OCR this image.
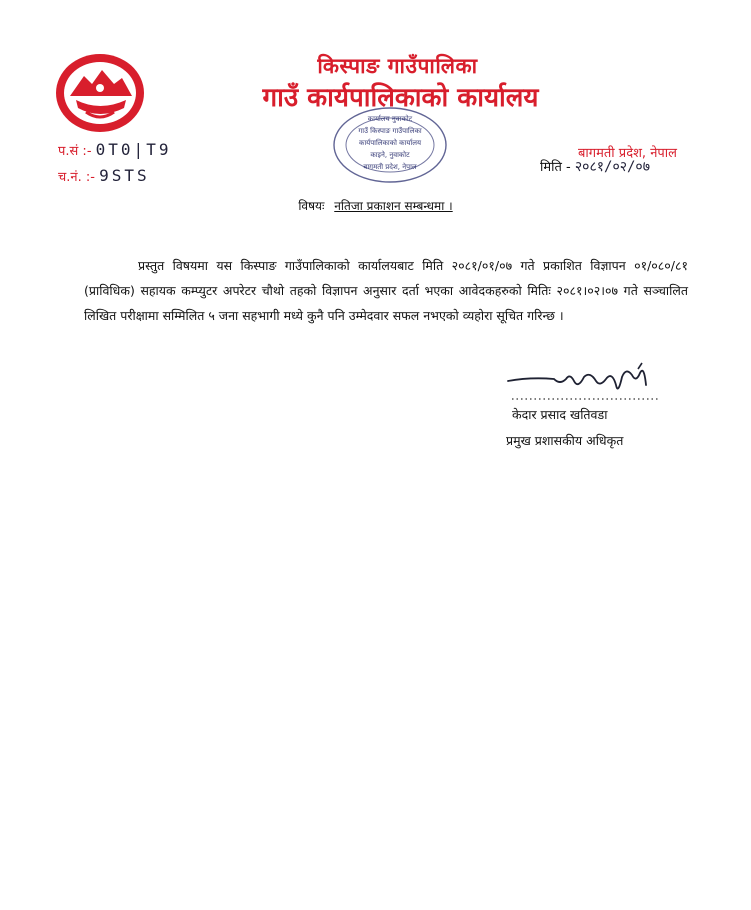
किस्पाङ गाउँपालिका
गाउँ कार्यपालिकाको कार्यालय
प.सं :- 0T0|T9
च.नं. :- 9STS
कार्यालय नुवाकोट
गाउँ किस्पाङ गाउँपालिका
कार्यपालिकाको कार्यालय
काइने, नुवाकोट
बागमती प्रदेश, नेपाल
बागमती प्रदेश, नेपाल
मिति - २०८१/०२/०७
विषयः नतिजा प्रकाशन सम्बन्धमा ।

प्रस्तुत विषयमा यस किस्पाङ गाउँपालिकाको कार्यालयबाट मिति २०८१/०१/०७ गते प्रकाशित विज्ञापन ०१/०८०/८१ (प्राविधिक) सहायक कम्प्युटर अपरेटर चौथो तहको विज्ञापन अनुसार दर्ता भएका आवेदकहरुको मितिः २०८१।०२।०७ गते सञ्चालित लिखित परीक्षामा सम्मिलित ५ जना सहभागी मध्ये कुनै पनि उम्मेदवार सफल नभएको व्यहोरा सूचित गरिन्छ ।

केदार प्रसाद खतिवडा
प्रमुख प्रशासकीय अधिकृत
